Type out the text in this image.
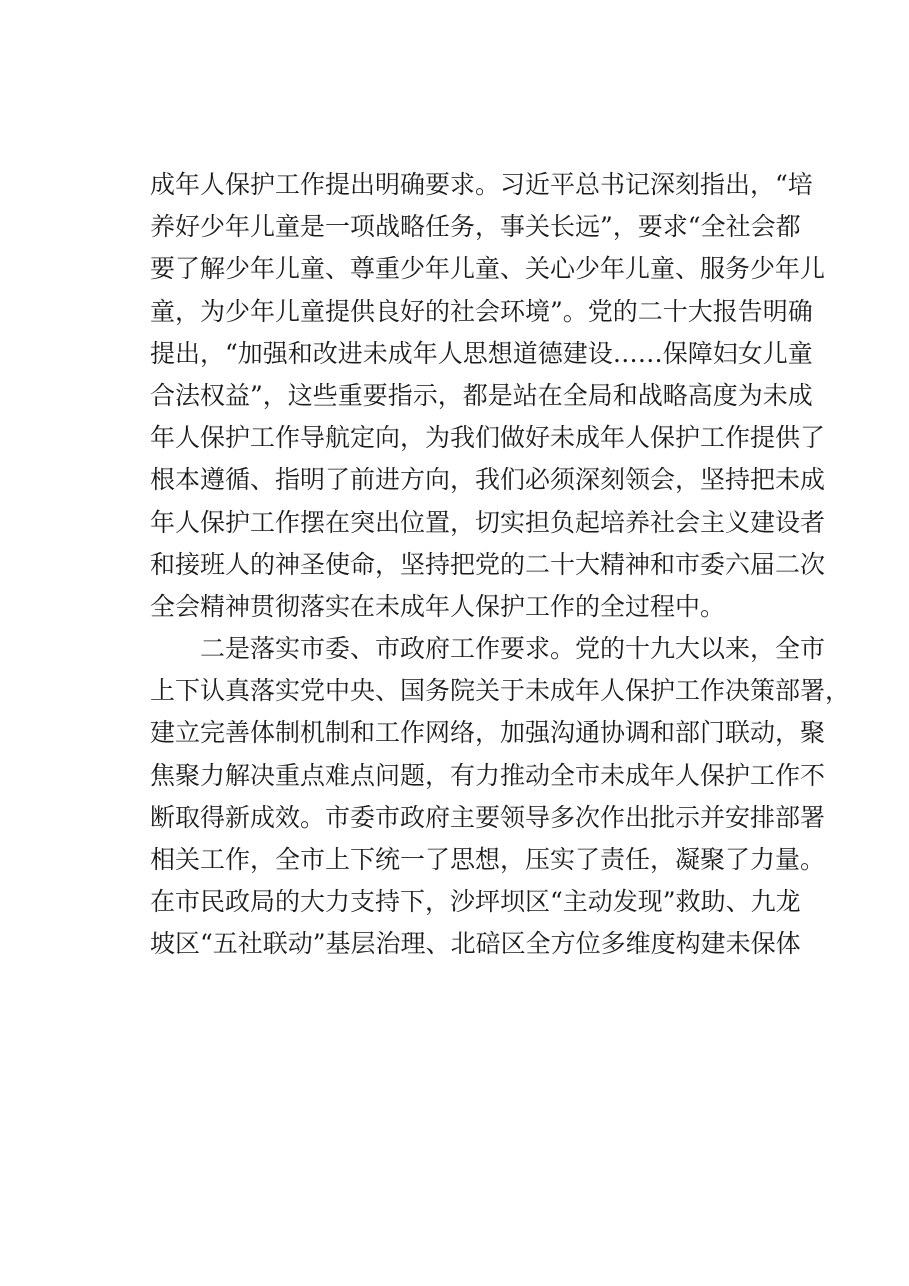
成年人保护工作提出明确要求。习近平总书记深刻指出，“培
养好少年儿童是一项战略任务，事关长远”，要求“全社会都
要了解少年儿童、尊重少年儿童、关心少年儿童、服务少年儿
童，为少年儿童提供良好的社会环境”。党的二十大报告明确
提出，“加强和改进未成年人思想道德建设……保障妇女儿童
合法权益”，这些重要指示，都是站在全局和战略高度为未成
年人保护工作导航定向，为我们做好未成年人保护工作提供了
根本遵循、指明了前进方向，我们必须深刻领会，坚持把未成
年人保护工作摆在突出位置，切实担负起培养社会主义建设者
和接班人的神圣使命，坚持把党的二十大精神和市委六届二次
全会精神贯彻落实在未成年人保护工作的全过程中。
二是落实市委、市政府工作要求。党的十九大以来，全市
上下认真落实党中央、国务院关于未成年人保护工作决策部署，
建立完善体制机制和工作网络，加强沟通协调和部门联动，聚
焦聚力解决重点难点问题，有力推动全市未成年人保护工作不
断取得新成效。市委市政府主要领导多次作出批示并安排部署
相关工作，全市上下统一了思想，压实了责任，凝聚了力量。
在市民政局的大力支持下，沙坪坝区“主动发现”救助、九龙
坡区“五社联动”基层治理、北碚区全方位多维度构建未保体
